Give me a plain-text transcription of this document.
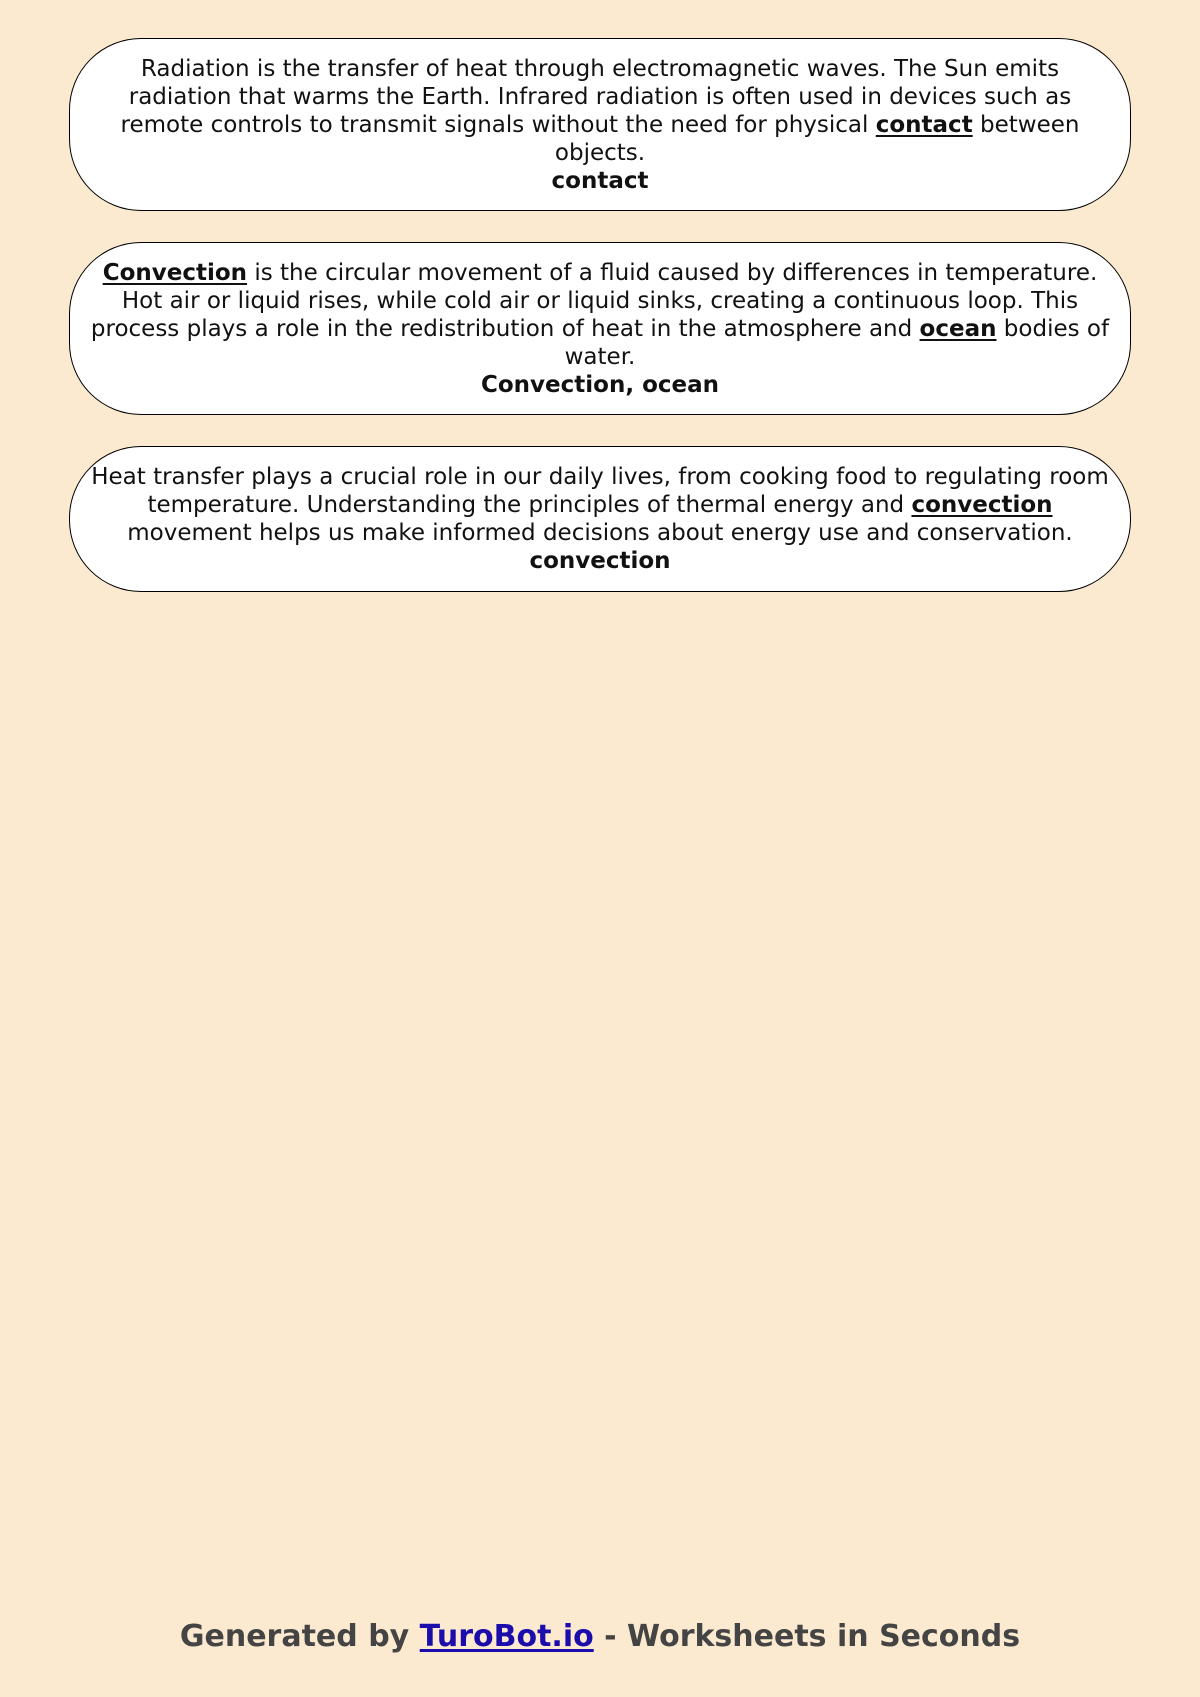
Radiation is the transfer of heat through electromagnetic waves. The Sun emits radiation that warms the Earth. Infrared radiation is often used in devices such as remote controls to transmit signals without the need for physical contact between objects.
contact
Convection is the circular movement of a fluid caused by differences in temperature. Hot air or liquid rises, while cold air or liquid sinks, creating a continuous loop. This process plays a role in the redistribution of heat in the atmosphere and ocean bodies of water.
Convection, ocean
Heat transfer plays a crucial role in our daily lives, from cooking food to regulating room temperature. Understanding the principles of thermal energy and convection movement helps us make informed decisions about energy use and conservation.
convection
Generated by TuroBot.io - Worksheets in Seconds
